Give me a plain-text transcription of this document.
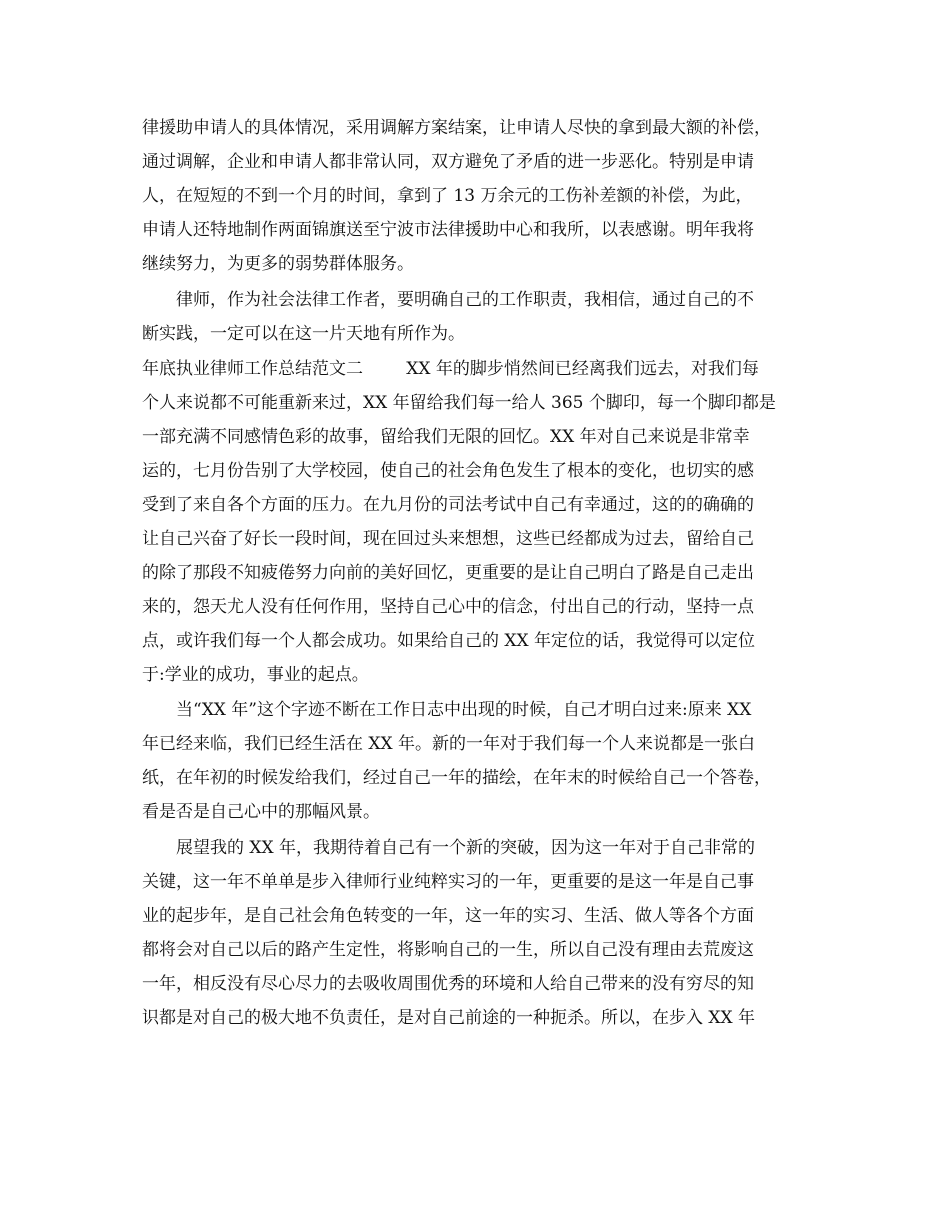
律援助申请人的具体情况，采用调解方案结案，让申请人尽快的拿到最大额的补偿，
通过调解，企业和申请人都非常认同，双方避免了矛盾的进一步恶化。特别是申请
人，在短短的不到一个月的时间，拿到了 13 万余元的工伤补差额的补偿，为此，
申请人还特地制作两面锦旗送至宁波市法律援助中心和我所，以表感谢。明年我将
继续努力，为更多的弱势群体服务。
律师，作为社会法律工作者，要明确自己的工作职责，我相信，通过自己的不
断实践，一定可以在这一片天地有所作为。
年底执业律师工作总结范文二        XX 年的脚步悄然间已经离我们远去，对我们每
个人来说都不可能重新来过，XX 年留给我们每一给人 365 个脚印，每一个脚印都是
一部充满不同感情色彩的故事，留给我们无限的回忆。XX 年对自己来说是非常幸
运的，七月份告别了大学校园，使自己的社会角色发生了根本的变化，也切实的感
受到了来自各个方面的压力。在九月份的司法考试中自己有幸通过，这的的确确的
让自己兴奋了好长一段时间，现在回过头来想想，这些已经都成为过去，留给自己
的除了那段不知疲倦努力向前的美好回忆，更重要的是让自己明白了路是自己走出
来的，怨天尤人没有任何作用，坚持自己心中的信念，付出自己的行动，坚持一点
点，或许我们每一个人都会成功。如果给自己的 XX 年定位的话，我觉得可以定位
于:学业的成功，事业的起点。
当“XX 年”这个字迹不断在工作日志中出现的时候，自己才明白过来:原来 XX
年已经来临，我们已经生活在 XX 年。新的一年对于我们每一个人来说都是一张白
纸，在年初的时候发给我们，经过自己一年的描绘，在年末的时候给自己一个答卷，
看是否是自己心中的那幅风景。
展望我的 XX 年，我期待着自己有一个新的突破，因为这一年对于自己非常的
关键，这一年不单单是步入律师行业纯粹实习的一年，更重要的是这一年是自己事
业的起步年，是自己社会角色转变的一年，这一年的实习、生活、做人等各个方面
都将会对自己以后的路产生定性，将影响自己的一生，所以自己没有理由去荒废这
一年，相反没有尽心尽力的去吸收周围优秀的环境和人给自己带来的没有穷尽的知
识都是对自己的极大地不负责任，是对自己前途的一种扼杀。所以，在步入 XX 年
